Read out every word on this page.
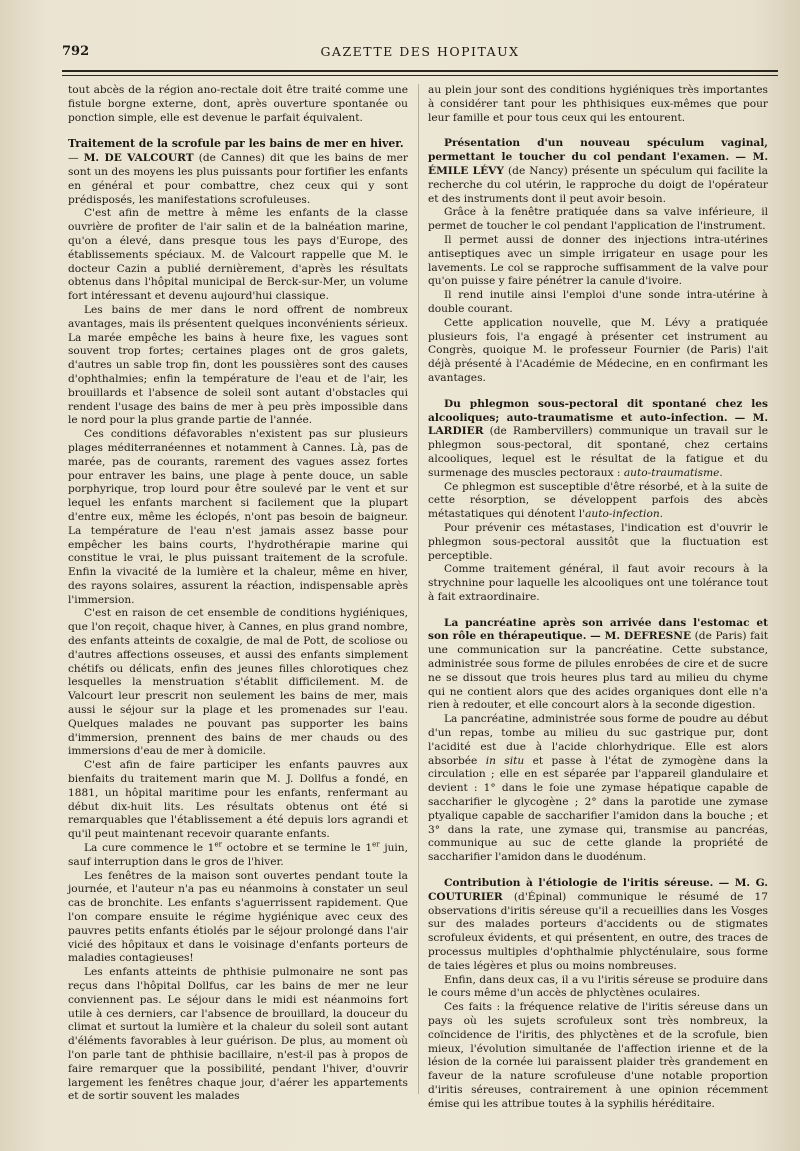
792	GAZETTE DES HOPITAUX

tout abcès de la région ano-rectale doit être traité comme une fistule borgne externe, dont, après ouverture spontanée ou ponction simple, elle est devenue le parfait équivalent.

Traitement de la scrofule par les bains de mer en hiver.

— M. DE VALCOURT (de Cannes) dit que les bains de mer sont un des moyens les plus puissants pour fortifier les enfants en général et pour combattre, chez ceux qui y sont prédisposés, les manifestations scrofuleuses.

C'est afin de mettre à même les enfants de la classe ouvrière de profiter de l'air salin et de la balnéation marine, qu'on a élevé, dans presque tous les pays d'Europe, des établissements spéciaux. M. de Valcourt rappelle que M. le docteur Cazin a publié dernièrement, d'après les résultats obtenus dans l'hôpital municipal de Berck-sur-Mer, un volume fort intéressant et devenu aujourd'hui classique.

Les bains de mer dans le nord offrent de nombreux avantages, mais ils présentent quelques inconvénients sérieux. La marée empêche les bains à heure fixe, les vagues sont souvent trop fortes; certaines plages ont de gros galets, d'autres un sable trop fin, dont les poussières sont des causes d'ophthalmies; enfin la température de l'eau et de l'air, les brouillards et l'absence de soleil sont autant d'obstacles qui rendent l'usage des bains de mer à peu près impossible dans le nord pour la plus grande partie de l'année.

Ces conditions défavorables n'existent pas sur plusieurs plages méditerranéennes et notamment à Cannes. Là, pas de marée, pas de courants, rarement des vagues assez fortes pour entraver les bains, une plage à pente douce, un sable porphyrique, trop lourd pour être soulevé par le vent et sur lequel les enfants marchent si facilement que la plupart d'entre eux, même les éclopés, n'ont pas besoin de baigneur. La température de l'eau n'est jamais assez basse pour empêcher les bains courts, l'hydrothérapie marine qui constitue le vrai, le plus puissant traitement de la scrofule. Enfin la vivacité de la lumière et la chaleur, même en hiver, des rayons solaires, assurent la réaction, indispensable après l'immersion.

C'est en raison de cet ensemble de conditions hygiéniques, que l'on reçoit, chaque hiver, à Cannes, en plus grand nombre, des enfants atteints de coxalgie, de mal de Pott, de scoliose ou d'autres affections osseuses, et aussi des enfants simplement chétifs ou délicats, enfin des jeunes filles chlorotiques chez lesquelles la menstruation s'établit difficilement. M. de Valcourt leur prescrit non seulement les bains de mer, mais aussi le séjour sur la plage et les promenades sur l'eau. Quelques malades ne pouvant pas supporter les bains d'immersion, prennent des bains de mer chauds ou des immersions d'eau de mer à domicile.

C'est afin de faire participer les enfants pauvres aux bienfaits du traitement marin que M. J. Dollfus a fondé, en 1881, un hôpital maritime pour les enfants, renfermant au début dix-huit lits. Les résultats obtenus ont été si remarquables que l'établissement a été depuis lors agrandi et qu'il peut maintenant recevoir quarante enfants.

La cure commence le 1er octobre et se termine le 1er juin, sauf interruption dans le gros de l'hiver.

Les fenêtres de la maison sont ouvertes pendant toute la journée, et l'auteur n'a pas eu néanmoins à constater un seul cas de bronchite. Les enfants s'aguerrissent rapidement. Que l'on compare ensuite le régime hygiénique avec ceux des pauvres petits enfants étiolés par le séjour prolongé dans l'air vicié des hôpitaux et dans le voisinage d'enfants porteurs de maladies contagieuses!

Les enfants atteints de phthisie pulmonaire ne sont pas reçus dans l'hôpital Dollfus, car les bains de mer ne leur conviennent pas. Le séjour dans le midi est néanmoins fort utile à ces derniers, car l'absence de brouillard, la douceur du climat et surtout la lumière et la chaleur du soleil sont autant d'éléments favorables à leur guérison. De plus, au moment où l'on parle tant de phthisie bacillaire, n'est-il pas à propos de faire remarquer que la possibilité, pendant l'hiver, d'ouvrir largement les fenêtres chaque jour, d'aérer les appartements et de sortir souvent les malades

au plein jour sont des conditions hygiéniques très importantes à considérer tant pour les phthisiques eux-mêmes que pour leur famille et pour tous ceux qui les entourent.

Présentation d'un nouveau spéculum vaginal, permettant le toucher du col pendant l'examen. — M. ÉMILE LÉVY (de Nancy) présente un spéculum qui facilite la recherche du col utérin, le rapproche du doigt de l'opérateur et des instruments dont il peut avoir besoin.

Grâce à la fenêtre pratiquée dans sa valve inférieure, il permet de toucher le col pendant l'application de l'instrument.

Il permet aussi de donner des injections intra-utérines antiseptiques avec un simple irrigateur en usage pour les lavements. Le col se rapproche suffisamment de la valve pour qu'on puisse y faire pénétrer la canule d'ivoire.

Il rend inutile ainsi l'emploi d'une sonde intra-utérine à double courant.

Cette application nouvelle, que M. Lévy a pratiquée plusieurs fois, l'a engagé à présenter cet instrument au Congrès, quoique M. le professeur Fournier (de Paris) l'ait déjà présenté à l'Académie de Médecine, en en confirmant les avantages.

Du phlegmon sous-pectoral dit spontané chez les alcooliques; auto-traumatisme et auto-infection. — M. LARDIER (de Rambervillers) communique un travail sur le phlegmon sous-pectoral, dit spontané, chez certains alcooliques, lequel est le résultat de la fatigue et du surmenage des muscles pectoraux : auto-traumatisme.

Ce phlegmon est susceptible d'être résorbé, et à la suite de cette résorption, se développent parfois des abcès métastatiques qui dénotent l'auto-infection.

Pour prévenir ces métastases, l'indication est d'ouvrir le phlegmon sous-pectoral aussitôt que la fluctuation est perceptible.

Comme traitement général, il faut avoir recours à la strychnine pour laquelle les alcooliques ont une tolérance tout à fait extraordinaire.

La pancréatine après son arrivée dans l'estomac et son rôle en thérapeutique. — M. DEFRESNE (de Paris) fait une communication sur la pancréatine. Cette substance, administrée sous forme de pilules enrobées de cire et de sucre ne se dissout que trois heures plus tard au milieu du chyme qui ne contient alors que des acides organiques dont elle n'a rien à redouter, et elle concourt alors à la seconde digestion.

La pancréatine, administrée sous forme de poudre au début d'un repas, tombe au milieu du suc gastrique pur, dont l'acidité est due à l'acide chlorhydrique. Elle est alors absorbée in situ et passe à l'état de zymogène dans la circulation ; elle en est séparée par l'appareil glandulaire et devient : 1° dans le foie une zymase hépatique capable de saccharifier le glycogène ; 2° dans la parotide une zymase ptyalique capable de saccharifier l'amidon dans la bouche ; et 3° dans la rate, une zymase qui, transmise au pancréas, communique au suc de cette glande la propriété de saccharifier l'amidon dans le duodénum.

Contribution à l'étiologie de l'iritis séreuse. — M. G. COUTURIER (d'Épinal) communique le résumé de 17 observations d'iritis séreuse qu'il a recueillies dans les Vosges sur des malades porteurs d'accidents ou de stigmates scrofuleux évidents, et qui présentent, en outre, des traces de processus multiples d'ophthalmie phlycténulaire, sous forme de taies légères et plus ou moins nombreuses.

Enfin, dans deux cas, il a vu l'iritis séreuse se produire dans le cours même d'un accès de phlyctènes oculaires.

Ces faits : la fréquence relative de l'iritis séreuse dans un pays où les sujets scrofuleux sont très nombreux, la coïncidence de l'iritis, des phlyctènes et de la scrofule, bien mieux, l'évolution simultanée de l'affection irienne et de la lésion de la cornée lui paraissent plaider très grandement en faveur de la nature scrofuleuse d'une notable proportion d'iritis séreuses, contrairement à une opinion récemment émise qui les attribue toutes à la syphilis héréditaire.
